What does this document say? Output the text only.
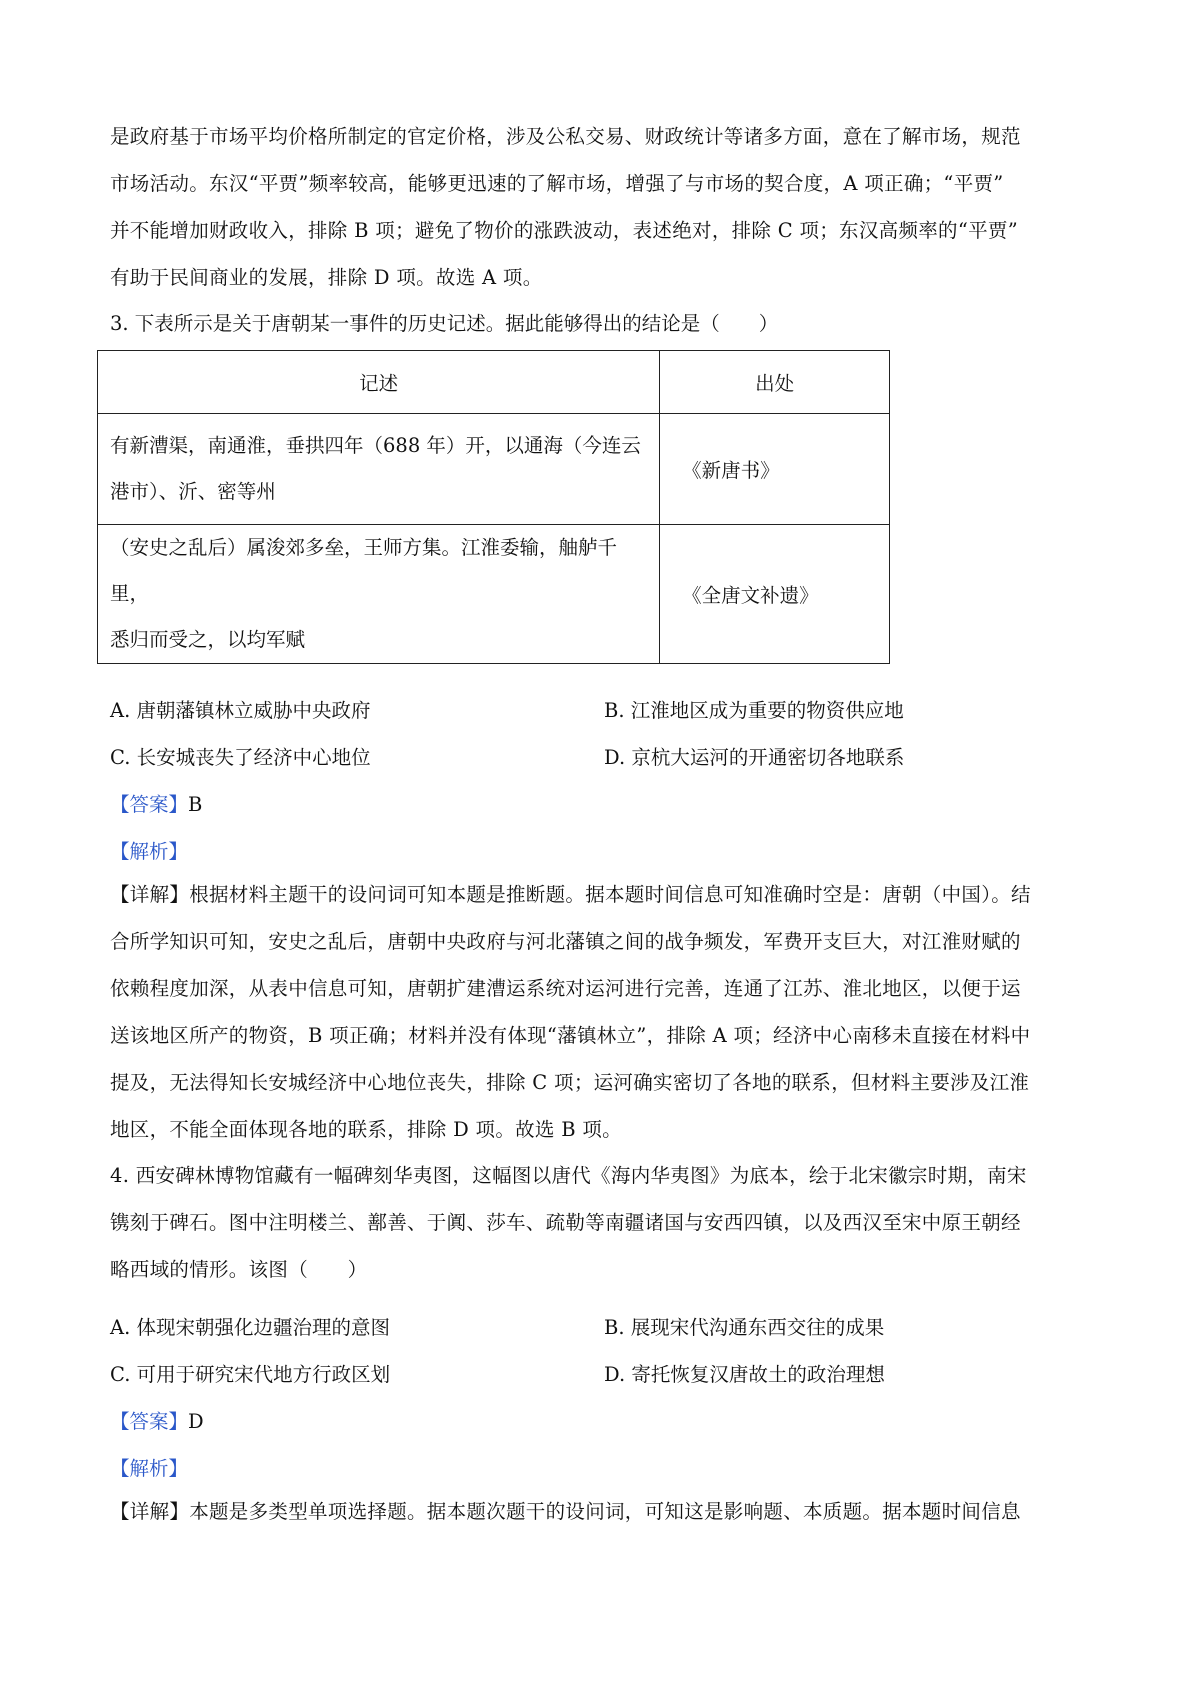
是政府基于市场平均价格所制定的官定价格，涉及公私交易、财政统计等诸多方面，意在了解市场，规范
市场活动。东汉“平贾”频率较高，能够更迅速的了解市场，增强了与市场的契合度，A 项正确；“平贾”
并不能增加财政收入，排除 B 项；避免了物价的涨跌波动，表述绝对，排除 C 项；东汉高频率的“平贾”
有助于民间商业的发展，排除 D 项。故选 A 项。

3. 下表所示是关于唐朝某一事件的历史记述。据此能够得出的结论是（　　）

记述	出处
有新漕渠，南通淮，垂拱四年（688 年）开，以通海（今连云
港市）、沂、密等州	《新唐书》
（安史之乱后）属浚郊多垒，王师方集。江淮委输，舳舻千里，
悉归而受之，以均军赋	《全唐文补遗》
A. 唐朝藩镇林立威胁中央政府	B. 江淮地区成为重要的物资供应地
C. 长安城丧失了经济中心地位	D. 京杭大运河的开通密切各地联系
【答案】B
【解析】
【详解】根据材料主题干的设问词可知本题是推断题。据本题时间信息可知准确时空是：唐朝（中国）。结
合所学知识可知，安史之乱后，唐朝中央政府与河北藩镇之间的战争频发，军费开支巨大，对江淮财赋的
依赖程度加深，从表中信息可知，唐朝扩建漕运系统对运河进行完善，连通了江苏、淮北地区，以便于运
送该地区所产的物资，B 项正确；材料并没有体现“藩镇林立”，排除 A 项；经济中心南移未直接在材料中
提及，无法得知长安城经济中心地位丧失，排除 C 项；运河确实密切了各地的联系，但材料主要涉及江淮
地区，不能全面体现各地的联系，排除 D 项。故选 B 项。
4. 西安碑林博物馆藏有一幅碑刻华夷图，这幅图以唐代《海内华夷图》为底本，绘于北宋徽宗时期，南宋
镌刻于碑石。图中注明楼兰、鄯善、于阗、莎车、疏勒等南疆诸国与安西四镇，以及西汉至宋中原王朝经
略西域的情形。该图（　　）
A. 体现宋朝强化边疆治理的意图	B. 展现宋代沟通东西交往的成果
C. 可用于研究宋代地方行政区划	D. 寄托恢复汉唐故土的政治理想
【答案】D
【解析】
【详解】本题是多类型单项选择题。据本题次题干的设问词，可知这是影响题、本质题。据本题时间信息
